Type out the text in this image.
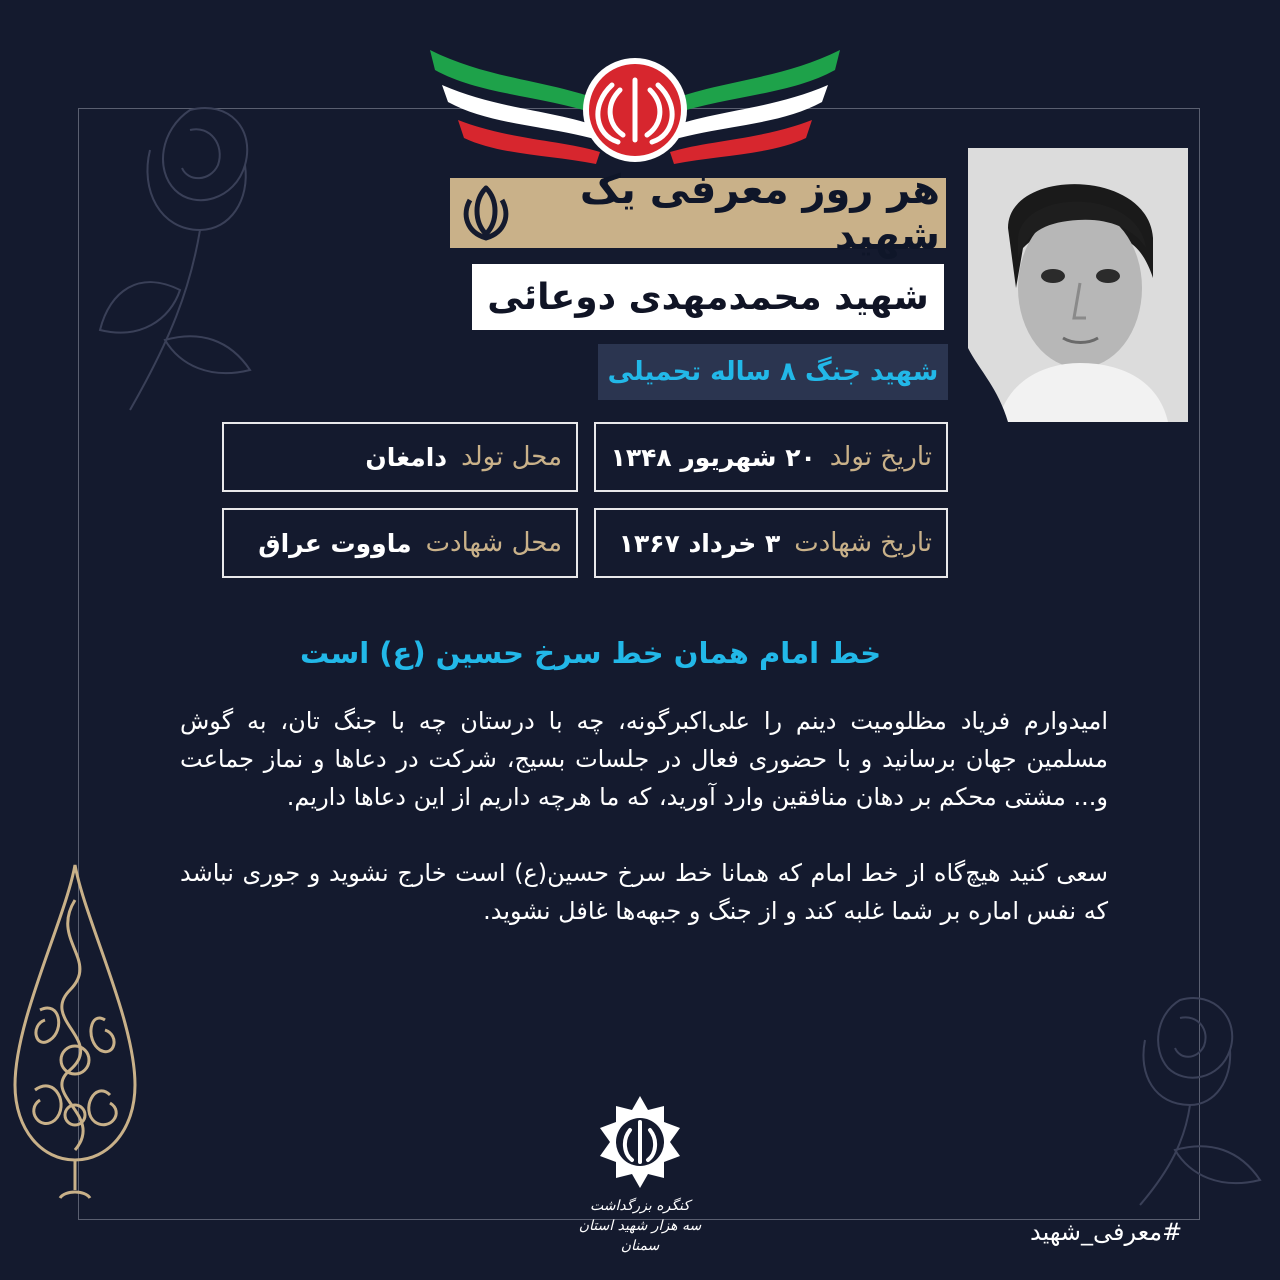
هر روز معرفی یک شهید
شهید محمدمهدی دوعائی
شهید جنگ ۸ ساله تحمیلی
تاریخ تولد
۲۰ شهریور ۱۳۴۸
محل تولد
دامغان
تاریخ شهادت
۳ خرداد ۱۳۶۷
محل شهادت
ماووت عراق
خط امام همان خط سرخ حسین (ع) است

امیدوارم فریاد مظلومیت دینم را علی‌اکبرگونه، چه با درستان چه با جنگ تان، به گوش مسلمین جهان برسانید و با حضوری فعال در جلسات بسیج، شرکت در دعاها و نماز جماعت و... مشتی محکم بر دهان منافقین وارد آورید، که ما هرچه داریم از این دعاها داریم.

سعی کنید هیچ‌گاه از خط امام که همانا خط سرخ حسین(ع) است خارج نشوید و جوری نباشد که نفس اماره بر شما غلبه کند و از جنگ و جبهه‌ها غافل نشوید.

کنگره بزرگداشت
سه هزار شهید استان سمنان	#معرفی_شهید
